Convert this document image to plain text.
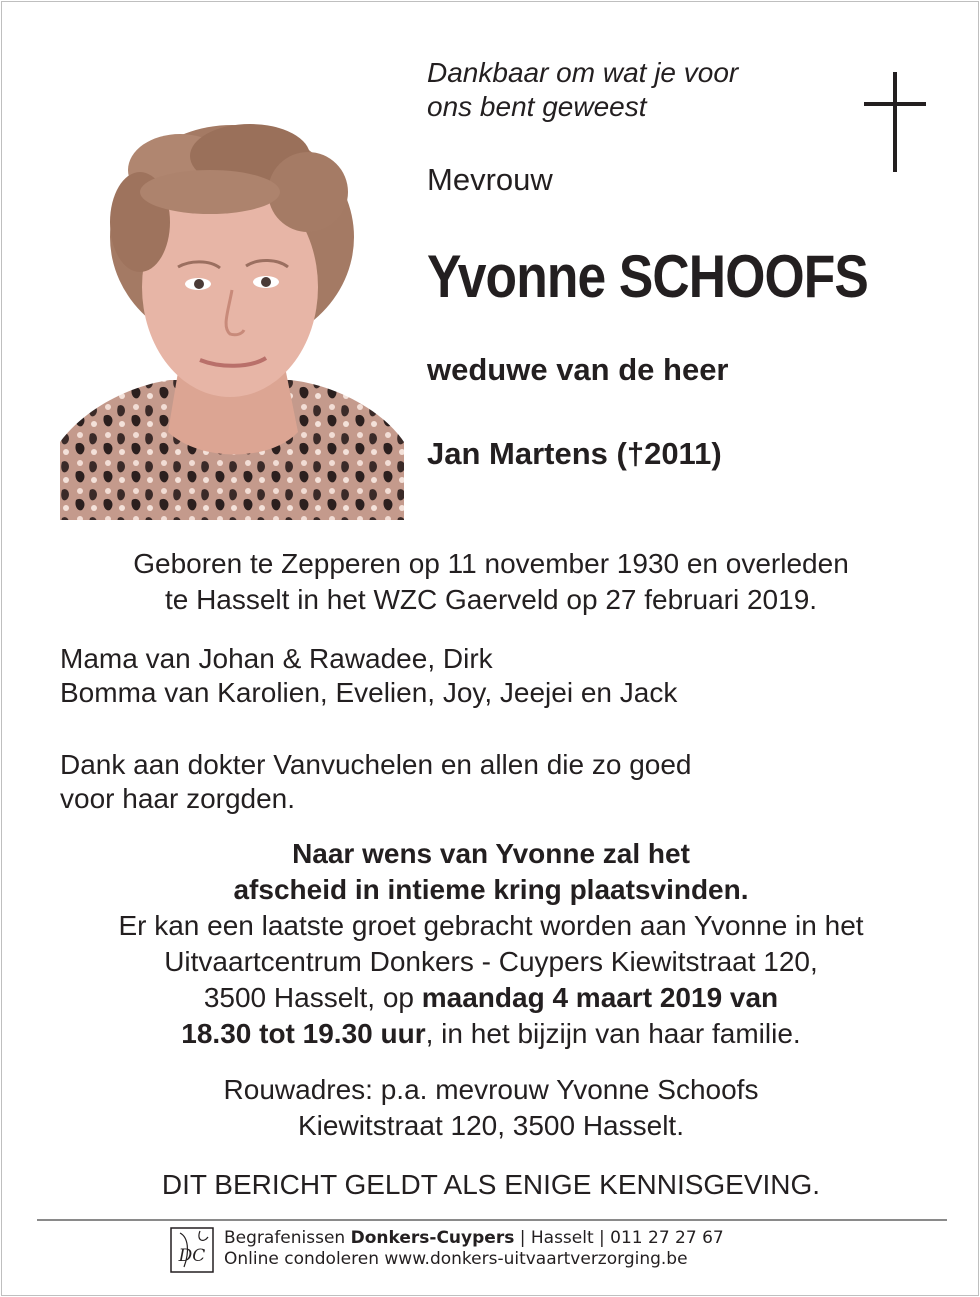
Dankbaar om wat je voor
ons bent geweest
Mevrouw
Yvonne SCHOOFS
weduwe van de heer
Jan Martens (†2011)
Geboren te Zepperen op 11 november 1930 en overleden
te Hasselt in het WZC Gaerveld op 27 februari 2019.
Mama van Johan & Rawadee, Dirk
Bomma van Karolien, Evelien, Joy, Jeejei en Jack
Dank aan dokter Vanvuchelen en allen die zo goed
voor haar zorgden.
Naar wens van Yvonne zal het
afscheid in intieme kring plaatsvinden.
Er kan een laatste groet gebracht worden aan Yvonne in het
Uitvaartcentrum Donkers - Cuypers Kiewitstraat 120,
3500 Hasselt, op maandag 4 maart 2019 van
18.30 tot 19.30 uur, in het bijzijn van haar familie.
Rouwadres: p.a. mevrouw Yvonne Schoofs
Kiewitstraat 120, 3500 Hasselt.
DIT BERICHT GELDT ALS ENIGE KENNISGEVING.
DC
Begrafenissen Donkers-Cuypers | Hasselt | 011 27 27 67
Online condoleren www.donkers-uitvaartverzorging.be
